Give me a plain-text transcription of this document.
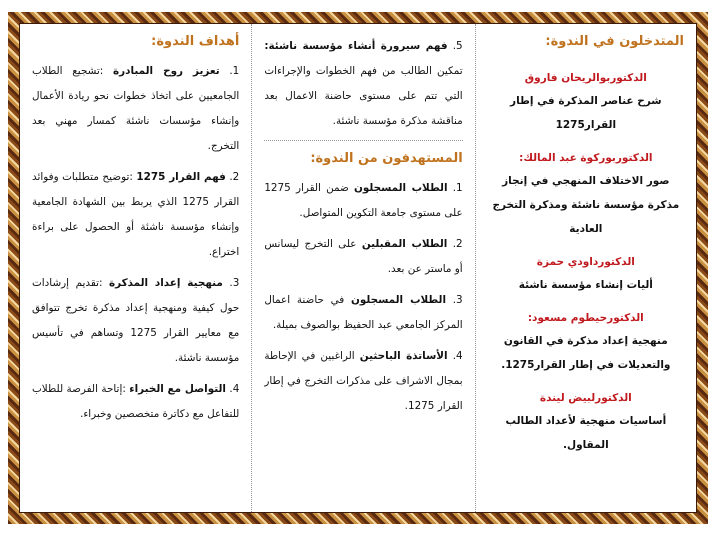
أهداف الندوة:
1. تعزيز روح المبادرة :تشجيع الطلاب الجامعيين على اتخاذ خطوات نحو ريادة الأعمال وإنشاء مؤسسات ناشئة كمسار مهني بعد التخرج.
2. فهم القرار 1275 :توضيح متطلبات وفوائد القرار 1275 الذي يربط بين الشهادة الجامعية وإنشاء مؤسسة ناشئة أو الحصول على براءة اختراع.
3. منهجية إعداد المذكرة :تقديم إرشادات حول كيفية ومنهجية إعداد مذكرة تخرج تتوافق مع معايير القرار 1275 وتساهم في تأسيس مؤسسة ناشئة.
4. التواصل مع الخبراء :إتاحة الفرصة للطلاب للتفاعل مع دكاترة متخصصين وخبراء.
5. فهم سيرورة أنشاء مؤسسة ناشئة: تمكين الطالب من فهم الخطوات والإجراءات التي تتم على مستوى حاضنة الاعمال بعد مناقشة مذكرة مؤسسة ناشئة.
المستهدفون من الندوة:
1. الطلاب المسجلون ضمن القرار 1275 على مستوى جامعة التكوين المتواصل.
2. الطلاب المقبلين على التخرج ليسانس أو ماستر عن بعد.
3. الطلاب المسجلون في حاضنة اعمال المركز الجامعي عبد الحفيظ بوالصوف بميلة.
4. الأساتذة الباحثين الراغبين في الإحاطة بمجال الاشراف على مذكرات التخرج في إطار القرار 1275.
المتدخلون في الندوة:
الدكتوربوالريحان فاروق
شرح عناصر المذكرة في إطار القرار1275
الدكتوربوركوة عبد المالك:
صور الاختلاف المنهجي في إنجاز مذكرة مؤسسة ناشئة ومذكرة التخرج العادية
الدكتورداودي حمزة
أليات إنشاء مؤسسة ناشئة
الدكتورحيطوم مسعود:
منهجية إعداد مذكرة في القانون والتعديلات في إطار القرار1275.
الدكتورلبيض ليندة
أساسيات منهجية لأعداد الطالب المقاول.
